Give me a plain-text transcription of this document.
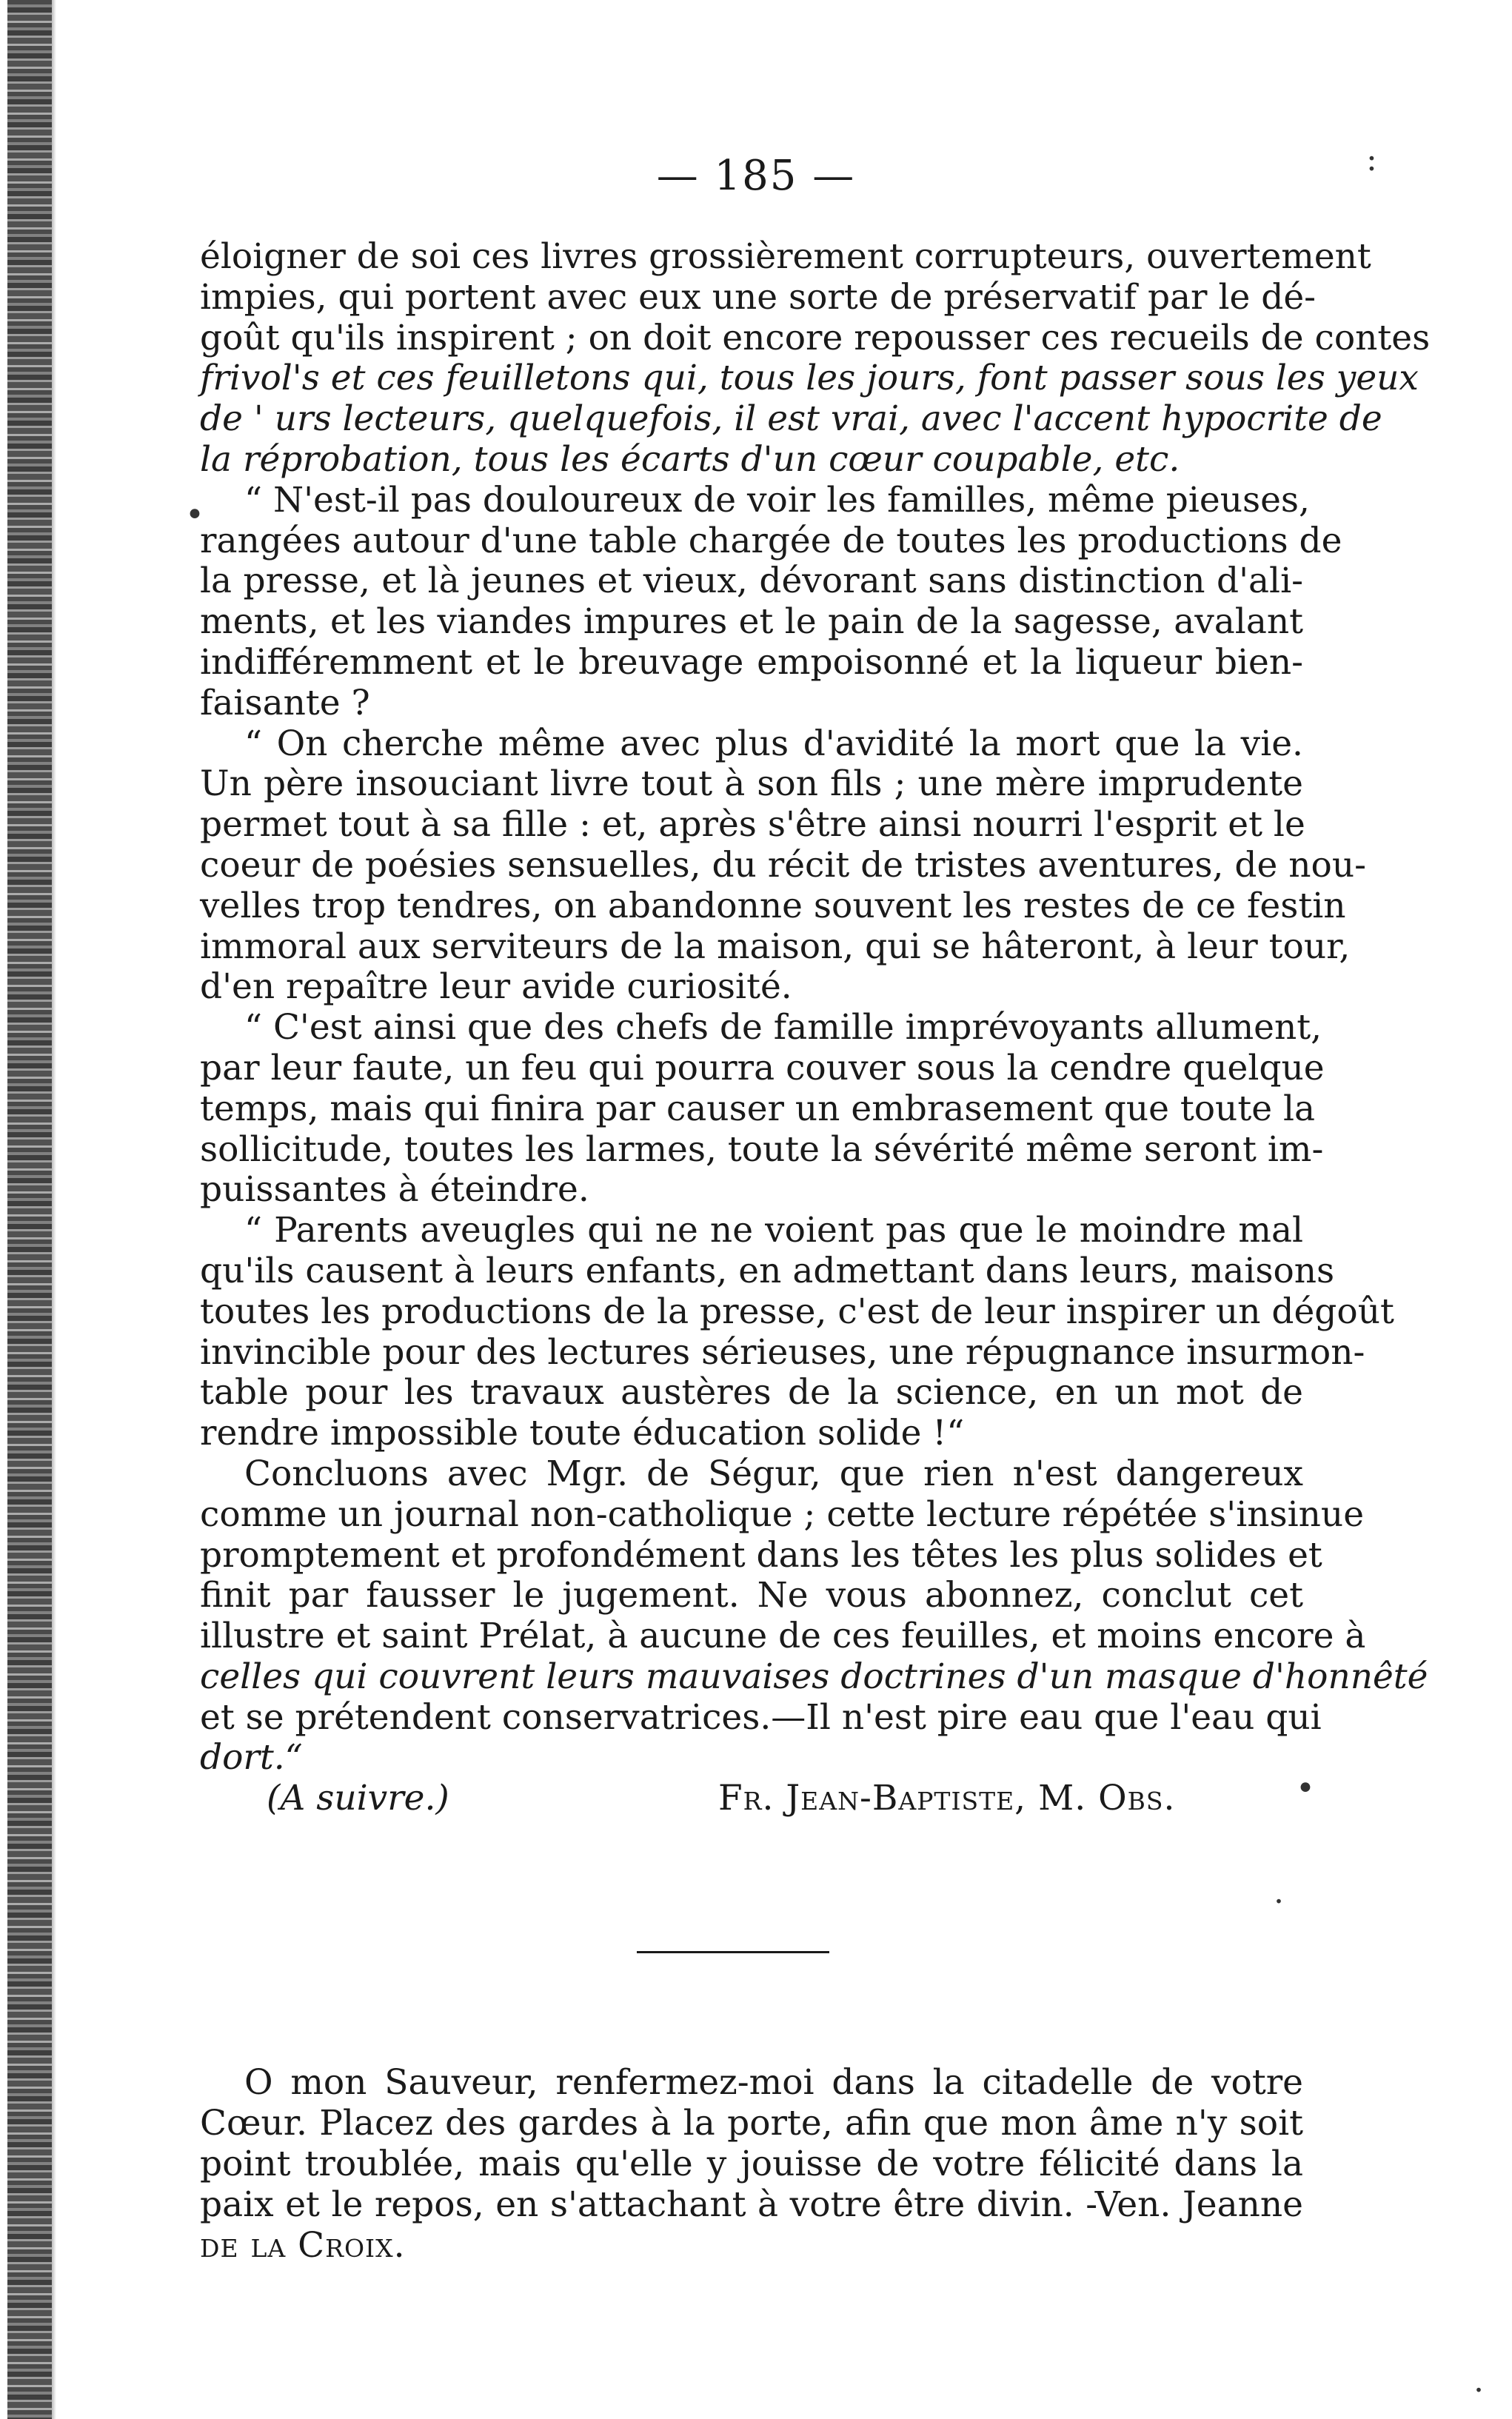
— 185 —	:
•
•
.
.
éloigner de soi ces livres grossièrement corrupteurs, ouvertement
impies, qui portent avec eux une sorte de préservatif par le dé-
goût qu'ils inspirent ; on doit encore repousser ces recueils de contes
frivol's et ces feuilletons qui, tous les jours, font passer sous les yeux
de ' urs lecteurs, quelquefois, il est vrai, avec l'accent hypocrite de
la réprobation, tous les écarts d'un cœur coupable, etc.
“ N'est-il pas douloureux de voir les familles, même pieuses,
rangées autour d'une table chargée de toutes les productions de
la presse, et là jeunes et vieux, dévorant sans distinction d'ali-
ments, et les viandes impures et le pain de la sagesse, avalant
indifféremment et le breuvage empoisonné et la liqueur bien-
faisante ?
“ On cherche même avec plus d'avidité la mort que la vie.
Un père insouciant livre tout à son fils ; une mère imprudente
permet tout à sa fille : et, après s'être ainsi nourri l'esprit et le
coeur de poésies sensuelles, du récit de tristes aventures, de nou-
velles trop tendres, on abandonne souvent les restes de ce festin
immoral aux serviteurs de la maison, qui se hâteront, à leur tour,
d'en repaître leur avide curiosité.
“ C'est ainsi que des chefs de famille imprévoyants allument,
par leur faute, un feu qui pourra couver sous la cendre quelque
temps, mais qui finira par causer un embrasement que toute la
sollicitude, toutes les larmes, toute la sévérité même seront im-
puissantes à éteindre.
“ Parents aveugles qui ne ne voient pas que le moindre mal
qu'ils causent à leurs enfants, en admettant dans leurs, maisons
toutes les productions de la presse, c'est de leur inspirer un dégoût
invincible pour des lectures sérieuses, une répugnance insurmon-
table pour les travaux austères de la science, en un mot de
rendre impossible toute éducation solide !“
Concluons avec Mgr. de Ségur, que rien n'est dangereux
comme un journal non-catholique ; cette lecture répétée s'insinue
promptement et profondément dans les têtes les plus solides et
finit par fausser le jugement. Ne vous abonnez, conclut cet
illustre et saint Prélat, à aucune de ces feuilles, et moins encore à
celles qui couvrent leurs mauvaises doctrines d'un masque d'honnêté
et se prétendent conservatrices.—Il n'est pire eau que l'eau qui
dort.“
(A suivre.)	Fr. Jean-Baptiste, M. Obs.
O mon Sauveur, renfermez-moi dans la citadelle de votre
Cœur. Placez des gardes à la porte, afin que mon âme n'y soit
point troublée, mais qu'elle y jouisse de votre félicité dans la
paix et le repos, en s'attachant à votre être divin. -Ven. Jeanne
de la Croix.
